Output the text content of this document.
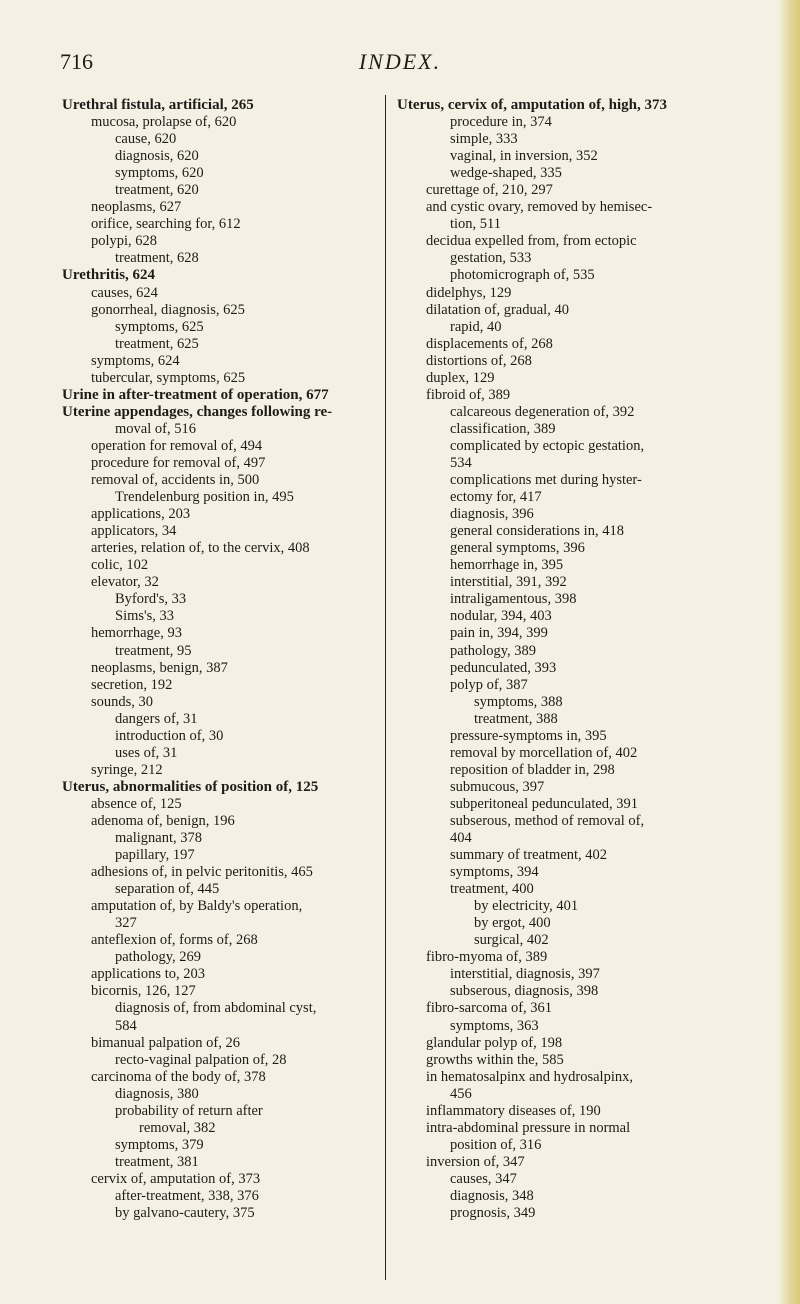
716	INDEX.
Urethral fistula, artificial, 265
mucosa, prolapse of, 620
cause, 620
diagnosis, 620
symptoms, 620
treatment, 620
neoplasms, 627
orifice, searching for, 612
polypi, 628
treatment, 628
Urethritis, 624
causes, 624
gonorrheal, diagnosis, 625
symptoms, 625
treatment, 625
symptoms, 624
tubercular, symptoms, 625
Urine in after-treatment of operation, 677
Uterine appendages, changes following re-
moval of, 516
operation for removal of, 494
procedure for removal of, 497
removal of, accidents in, 500
Trendelenburg position in, 495
applications, 203
applicators, 34
arteries, relation of, to the cervix, 408
colic, 102
elevator, 32
Byford's, 33
Sims's, 33
hemorrhage, 93
treatment, 95
neoplasms, benign, 387
secretion, 192
sounds, 30
dangers of, 31
introduction of, 30
uses of, 31
syringe, 212
Uterus, abnormalities of position of, 125
absence of, 125
adenoma of, benign, 196
malignant, 378
papillary, 197
adhesions of, in pelvic peritonitis, 465
separation of, 445
amputation of, by Baldy's operation,
327
anteflexion of, forms of, 268
pathology, 269
applications to, 203
bicornis, 126, 127
diagnosis of, from abdominal cyst,
584
bimanual palpation of, 26
recto-vaginal palpation of, 28
carcinoma of the body of, 378
diagnosis, 380
probability of return after
removal, 382
symptoms, 379
treatment, 381
cervix of, amputation of, 373
after-treatment, 338, 376
by galvano-cautery, 375
Uterus, cervix of, amputation of, high, 373
procedure in, 374
simple, 333
vaginal, in inversion, 352
wedge-shaped, 335
curettage of, 210, 297
and cystic ovary, removed by hemisec-
tion, 511
decidua expelled from, from ectopic
gestation, 533
photomicrograph of, 535
didelphys, 129
dilatation of, gradual, 40
rapid, 40
displacements of, 268
distortions of, 268
duplex, 129
fibroid of, 389
calcareous degeneration of, 392
classification, 389
complicated by ectopic gestation,
534
complications met during hyster-
ectomy for, 417
diagnosis, 396
general considerations in, 418
general symptoms, 396
hemorrhage in, 395
interstitial, 391, 392
intraligamentous, 398
nodular, 394, 403
pain in, 394, 399
pathology, 389
pedunculated, 393
polyp of, 387
symptoms, 388
treatment, 388
pressure-symptoms in, 395
removal by morcellation of, 402
reposition of bladder in, 298
submucous, 397
subperitoneal pedunculated, 391
subserous, method of removal of,
404
summary of treatment, 402
symptoms, 394
treatment, 400
by electricity, 401
by ergot, 400
surgical, 402
fibro-myoma of, 389
interstitial, diagnosis, 397
subserous, diagnosis, 398
fibro-sarcoma of, 361
symptoms, 363
glandular polyp of, 198
growths within the, 585
in hematosalpinx and hydrosalpinx,
456
inflammatory diseases of, 190
intra-abdominal pressure in normal
position of, 316
inversion of, 347
causes, 347
diagnosis, 348
prognosis, 349
